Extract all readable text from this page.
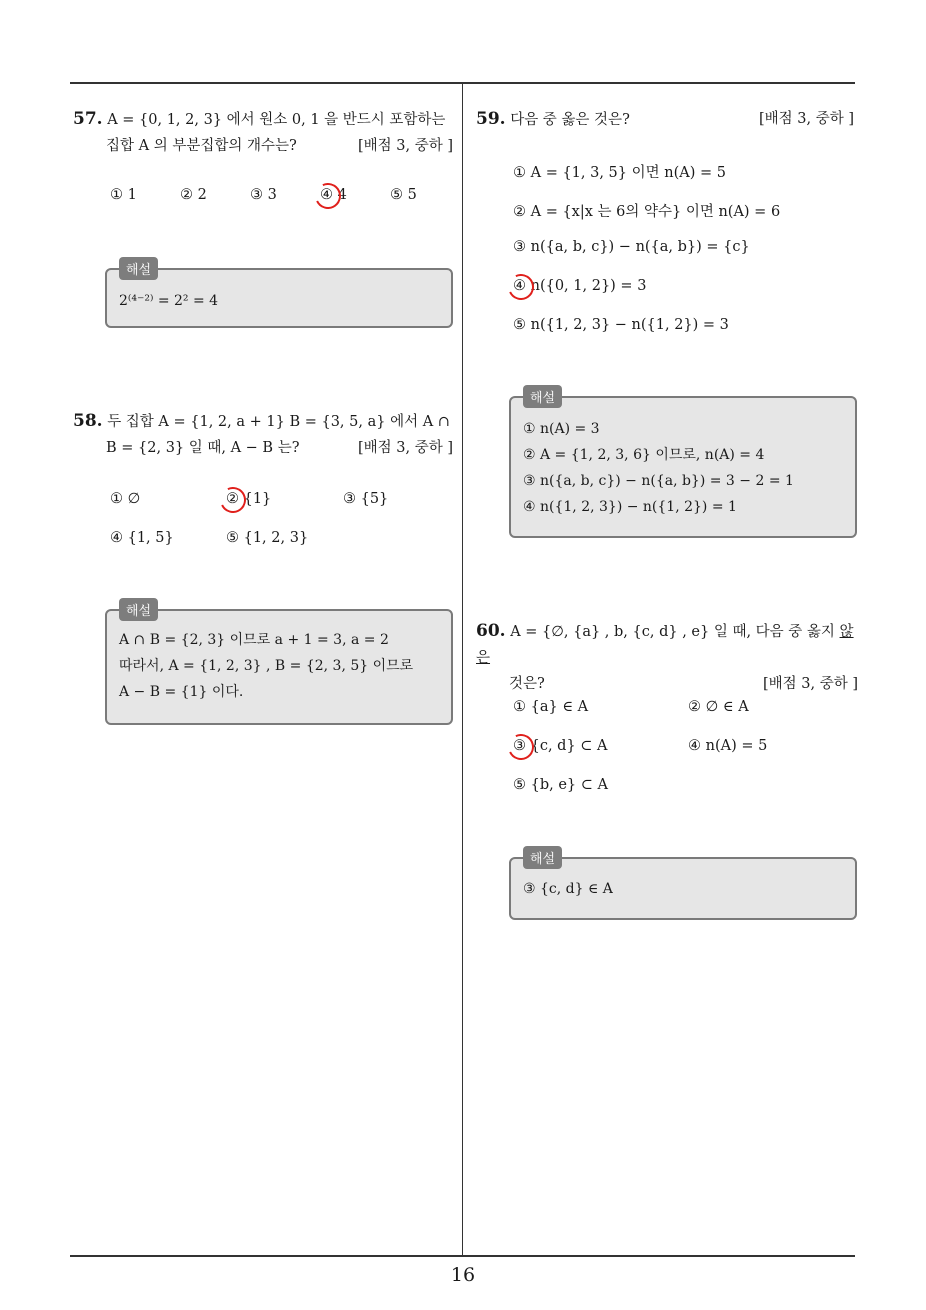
16
57. A = {0, 1, 2, 3} 에서 원소 0, 1 을 반드시 포함하는
집합 A 의 부분집합의 개수는?	[배점 3, 중하 ]
① 1	② 2	③ 3	④ 4	⑤ 5
해설
2⁽⁴⁻²⁾ = 2² = 4
58. 두 집합 A = {1, 2, a + 1} B = {3, 5, a} 에서 A ∩
B = {2, 3} 일 때, A − B 는?	[배점 3, 중하 ]
① ∅	② {1}	③ {5}
④ {1, 5}	⑤ {1, 2, 3}
해설
A ∩ B = {2, 3} 이므로 a + 1 = 3, a = 2
따라서, A = {1, 2, 3} , B = {2, 3, 5} 이므로
A − B = {1} 이다.
59. 다음 중 옳은 것은?	[배점 3, 중하 ]
① A = {1, 3, 5} 이면 n(A) = 5
② A = {x|x 는 6의 약수} 이면 n(A) = 6
③ n({a, b, c}) − n({a, b}) = {c}
④ n({0, 1, 2}) = 3
⑤ n({1, 2, 3} − n({1, 2}) = 3
해설
① n(A) = 3
② A = {1, 2, 3, 6} 이므로, n(A) = 4
③ n({a, b, c}) − n({a, b}) = 3 − 2 = 1
④ n({1, 2, 3}) − n({1, 2}) = 1
60. A = {∅, {a} , b, {c, d} , e} 일 때, 다음 중 옳지 않은
것은?	[배점 3, 중하 ]
① {a} ∈ A	② ∅ ∈ A
③ {c, d} ⊂ A	④ n(A) = 5
⑤ {b, e} ⊂ A
해설
③ {c, d} ∈ A
